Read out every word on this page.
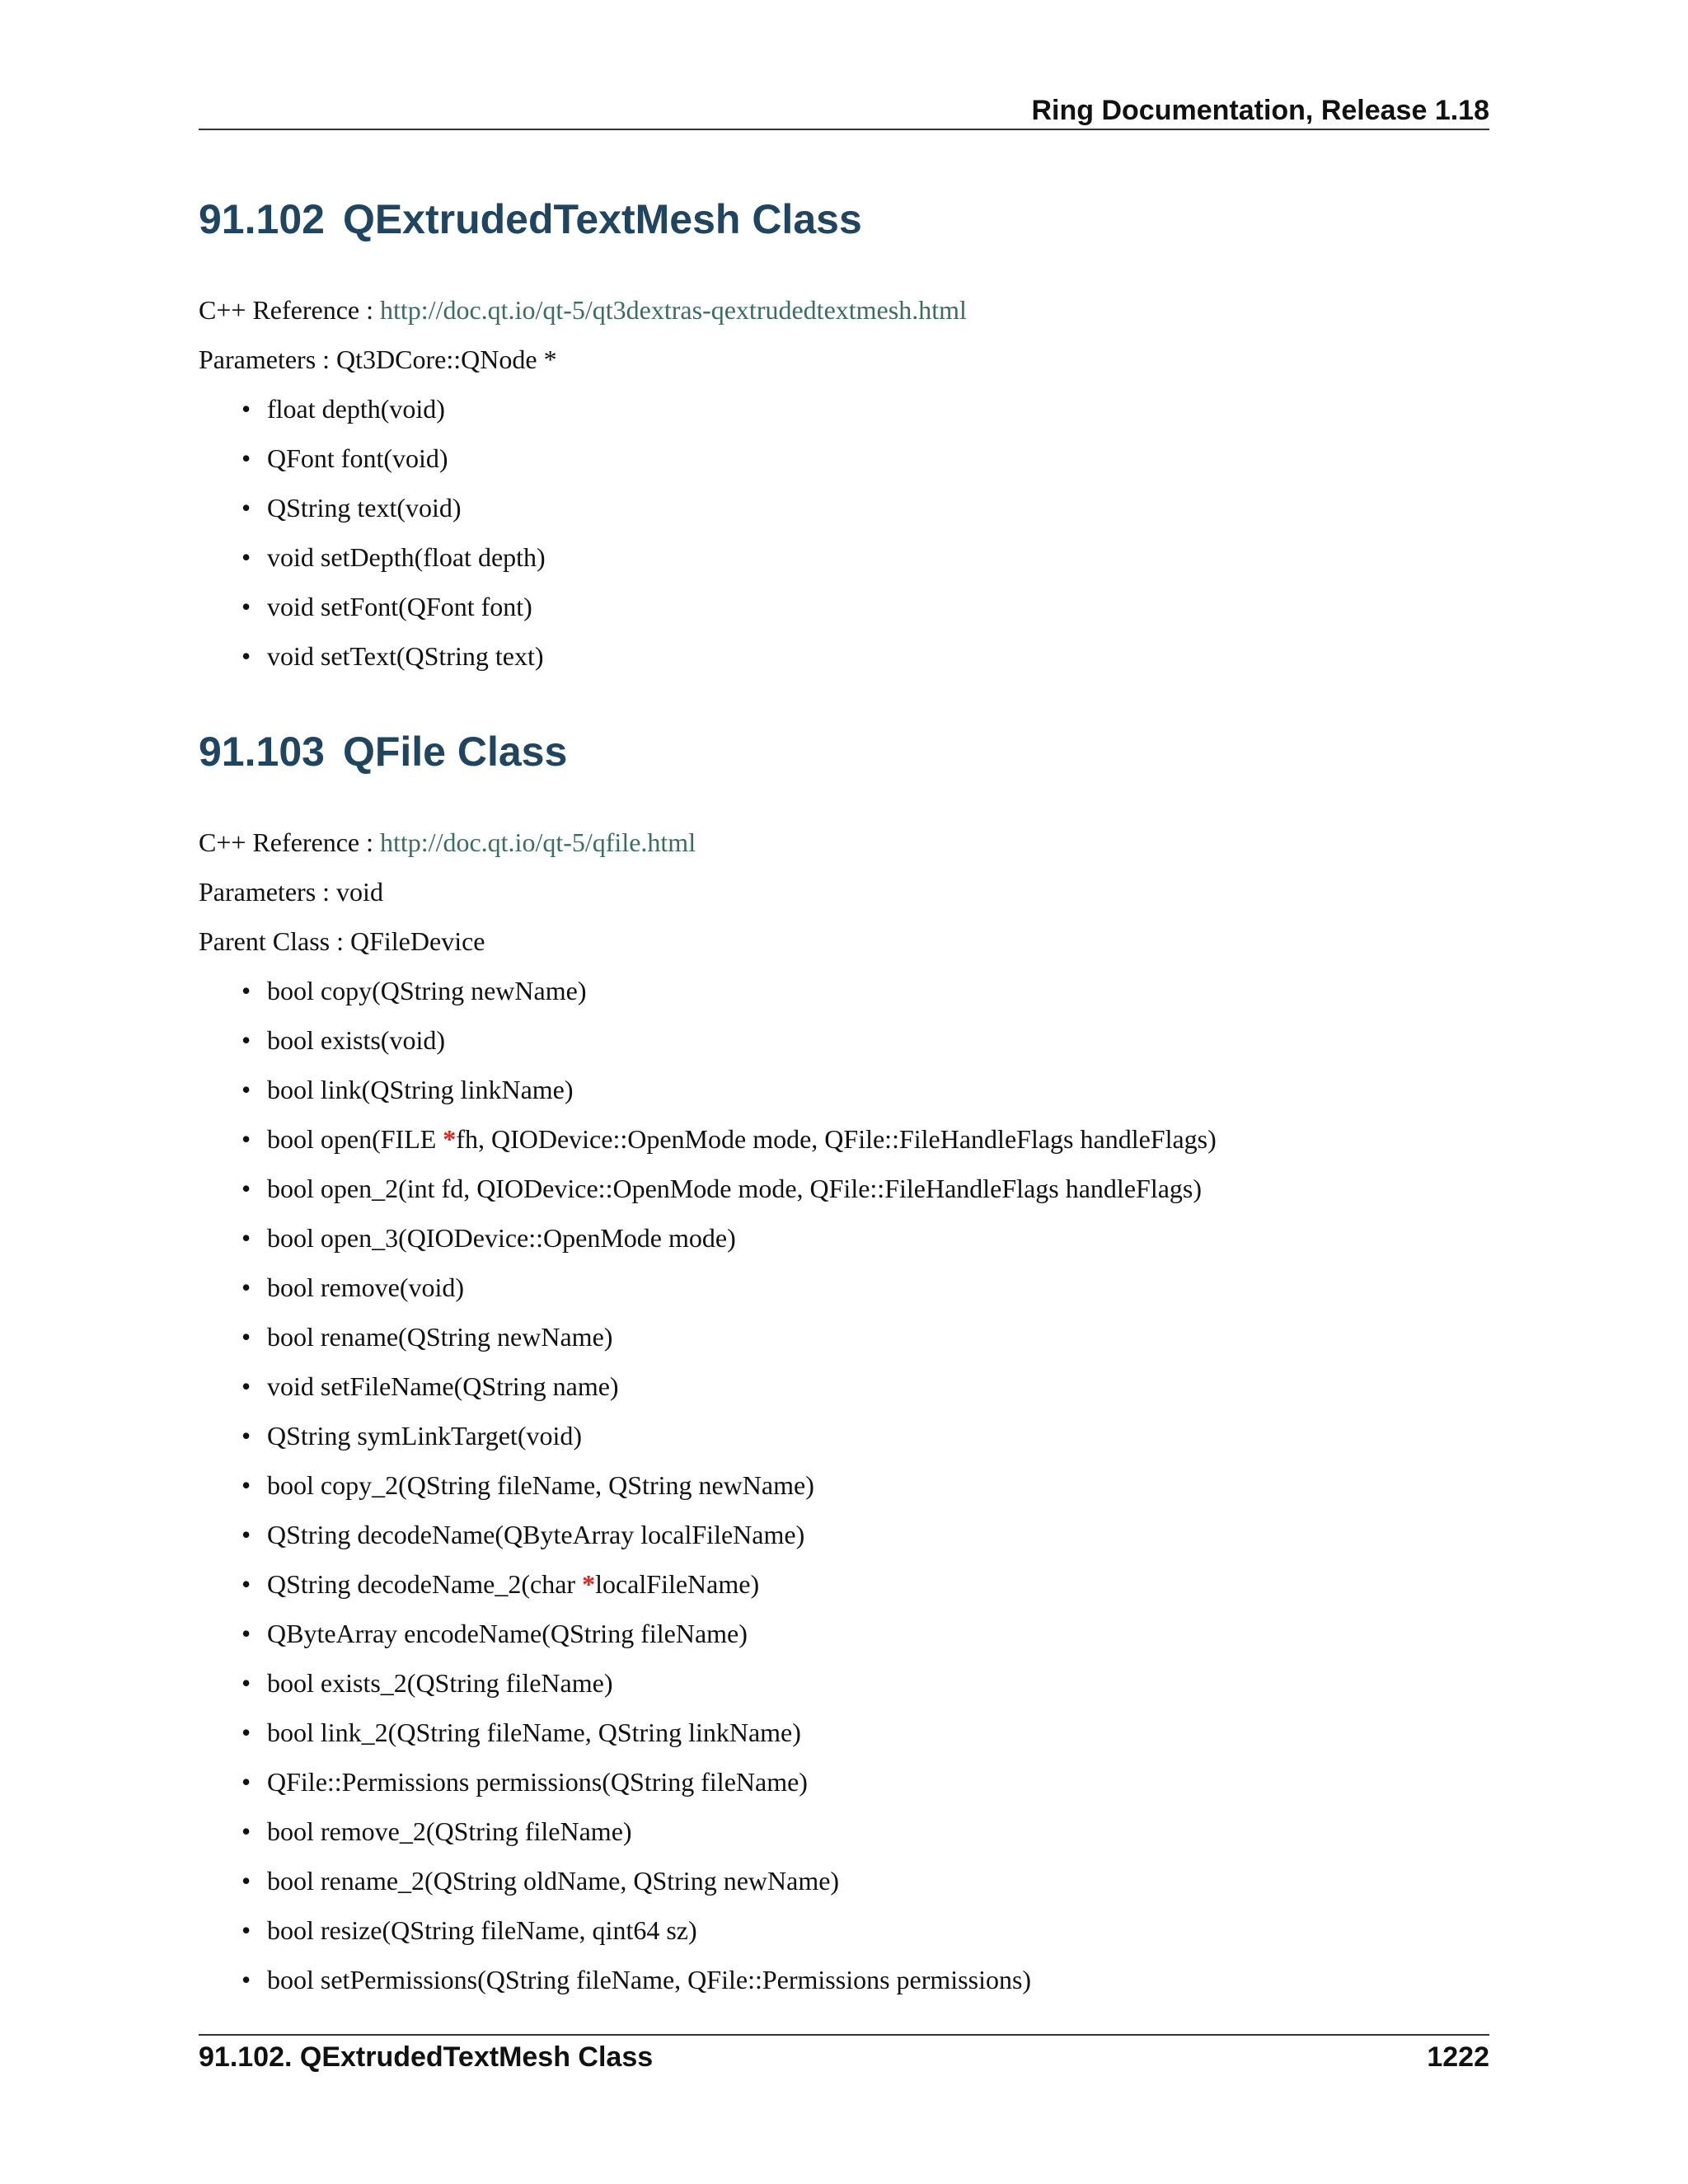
Ring Documentation, Release 1.18
91.102 QExtrudedTextMesh Class
C++ Reference : http://doc.qt.io/qt-5/qt3dextras-qextrudedtextmesh.html
Parameters : Qt3DCore::QNode *
• float depth(void)
• QFont font(void)
• QString text(void)
• void setDepth(float depth)
• void setFont(QFont font)
• void setText(QString text)
91.103 QFile Class
C++ Reference : http://doc.qt.io/qt-5/qfile.html
Parameters : void
Parent Class : QFileDevice
• bool copy(QString newName)
• bool exists(void)
• bool link(QString linkName)
• bool open(FILE *fh, QIODevice::OpenMode mode, QFile::FileHandleFlags handleFlags)
• bool open_2(int fd, QIODevice::OpenMode mode, QFile::FileHandleFlags handleFlags)
• bool open_3(QIODevice::OpenMode mode)
• bool remove(void)
• bool rename(QString newName)
• void setFileName(QString name)
• QString symLinkTarget(void)
• bool copy_2(QString fileName, QString newName)
• QString decodeName(QByteArray localFileName)
• QString decodeName_2(char *localFileName)
• QByteArray encodeName(QString fileName)
• bool exists_2(QString fileName)
• bool link_2(QString fileName, QString linkName)
• QFile::Permissions permissions(QString fileName)
• bool remove_2(QString fileName)
• bool rename_2(QString oldName, QString newName)
• bool resize(QString fileName, qint64 sz)
• bool setPermissions(QString fileName, QFile::Permissions permissions)
91.102. QExtrudedTextMesh Class	1222
